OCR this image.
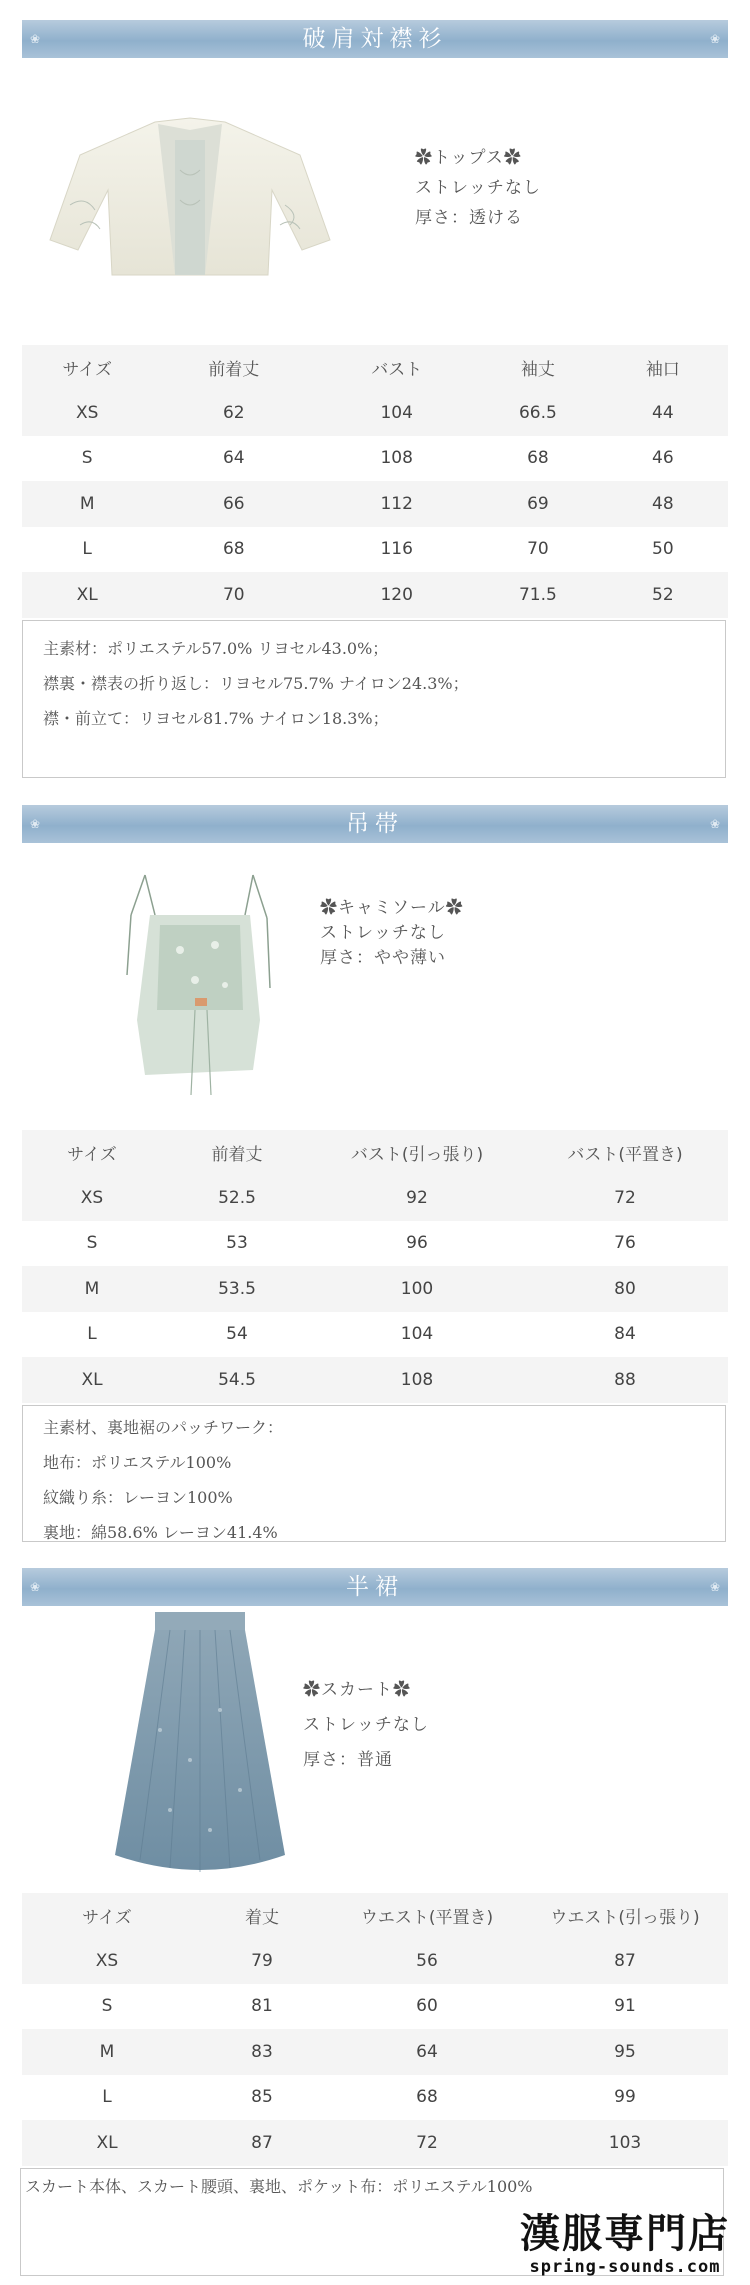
❀	破肩対襟衫	❀
✿トップス✿
ストレッチなし
厚さ：透ける
サイズ	前着丈	バスト	袖丈	袖口
XS	62	104	66.5	44
S	64	108	68	46
M	66	112	69	48
L	68	116	70	50
XL	70	120	71.5	52
主素材：ポリエステル57.0% リヨセル43.0%；
襟裏・襟表の折り返し：リヨセル75.7% ナイロン24.3%；
襟・前立て：リヨセル81.7% ナイロン18.3%；
❀	吊帯	❀
✿キャミソール✿
ストレッチなし
厚さ：やや薄い
サイズ	前着丈	バスト(引っ張り)	バスト(平置き)
XS	52.5	92	72
S	53	96	76
M	53.5	100	80
L	54	104	84
XL	54.5	108	88
主素材、裏地裾のパッチワーク：
地布：ポリエステル100%
紋織り糸：レーヨン100%
裏地：綿58.6% レーヨン41.4%
❀	半裙	❀
✿スカート✿
ストレッチなし
厚さ：普通
サイズ	着丈	ウエスト(平置き)	ウエスト(引っ張り)
XS	79	56	87
S	81	60	91
M	83	64	95
L	85	68	99
XL	87	72	103
スカート本体、スカート腰頭、裏地、ポケット布：ポリエステル100%
漢服専門店
spring-sounds.com
